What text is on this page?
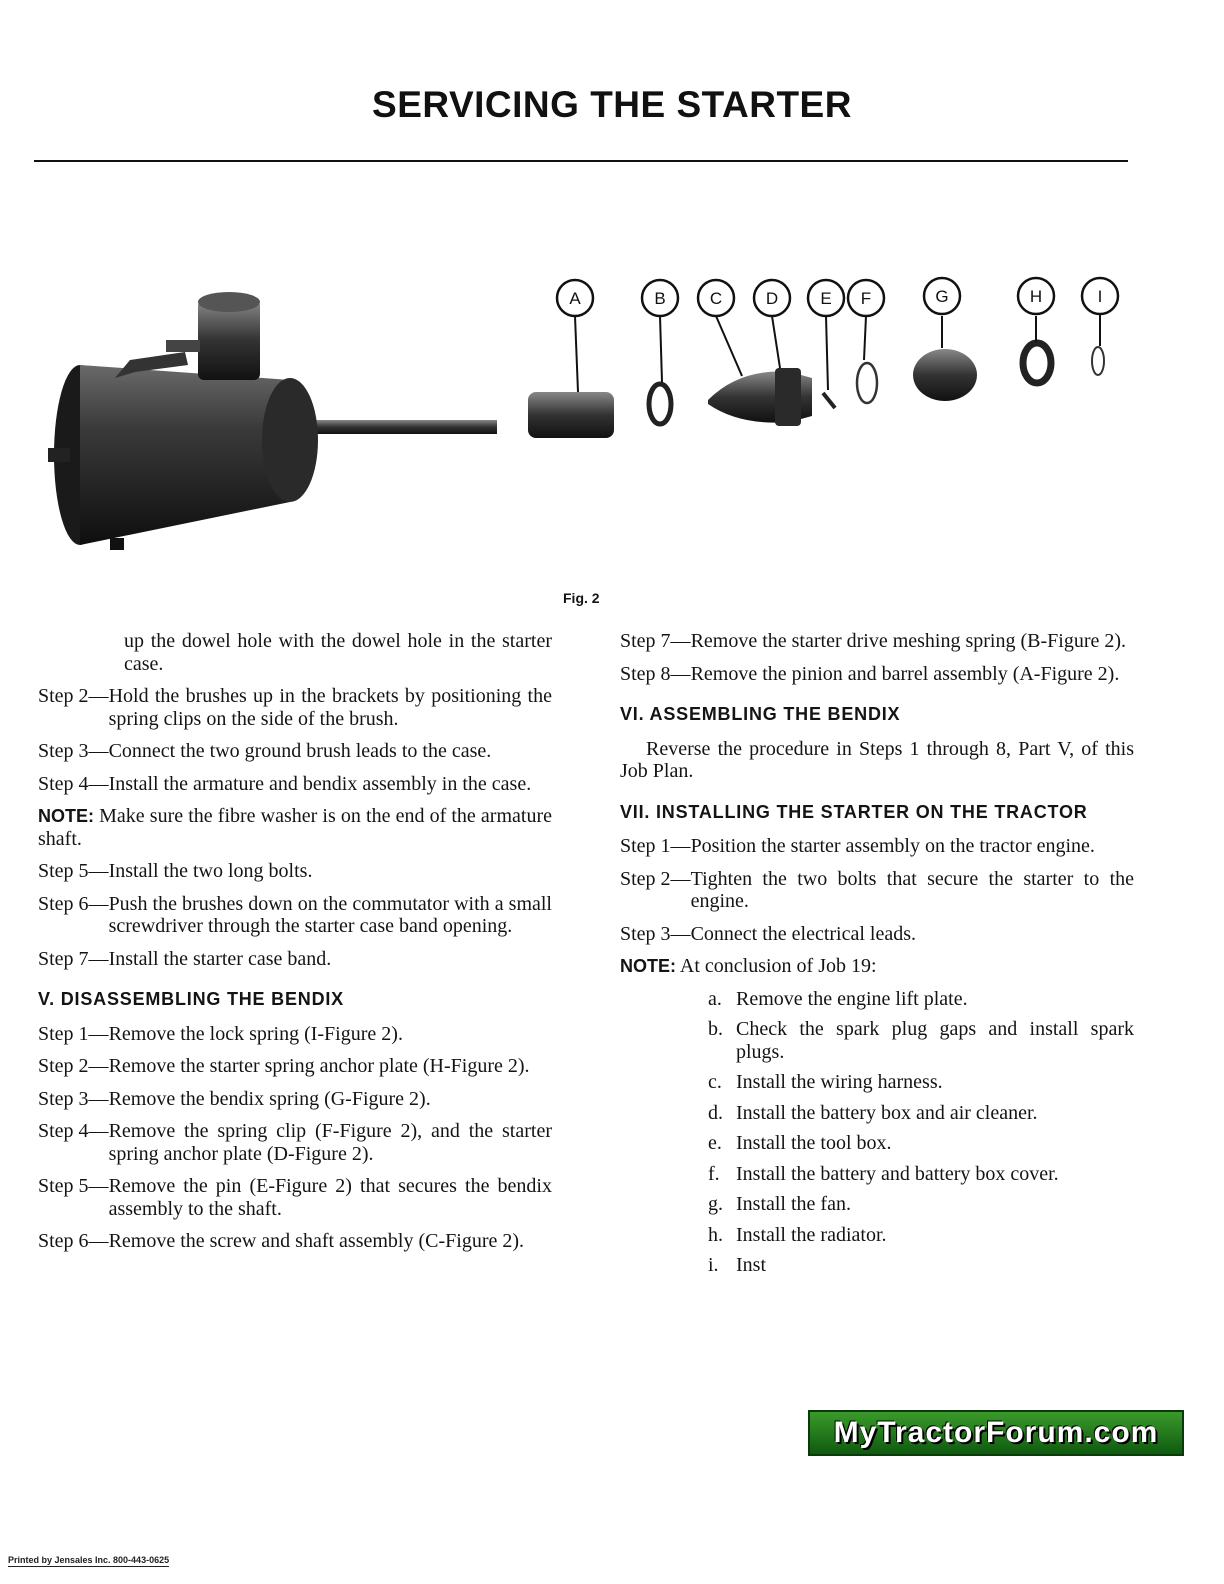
SERVICING THE STARTER
A	B	C	D E F	G	H	I
Fig. 2
up the dowel hole with the dowel hole in the starter case.
Step 2— Hold the brushes up in the brackets by positioning the spring clips on the side of the brush.
Step 3— Connect the two ground brush leads to the case.
Step 4— Install the armature and bendix assembly in the case.
NOTE: Make sure the fibre washer is on the end of the armature shaft.
Step 5— Install the two long bolts.
Step 6— Push the brushes down on the commutator with a small screwdriver through the starter case band opening.
Step 7— Install the starter case band.
V. DISASSEMBLING THE BENDIX
Step 1— Remove the lock spring (I-Figure 2).
Step 2— Remove the starter spring anchor plate (H-Figure 2).
Step 3— Remove the bendix spring (G-Figure 2).
Step 4— Remove the spring clip (F-Figure 2), and the starter spring anchor plate (D-Figure 2).
Step 5— Remove the pin (E-Figure 2) that secures the bendix assembly to the shaft.
Step 6— Remove the screw and shaft assembly (C-Figure 2).
Step 7— Remove the starter drive meshing spring (B-Figure 2).
Step 8— Remove the pinion and barrel assembly (A-Figure 2).
VI. ASSEMBLING THE BENDIX
Reverse the procedure in Steps 1 through 8, Part V, of this Job Plan.
VII. INSTALLING THE STARTER ON THE TRACTOR
Step 1— Position the starter assembly on the tractor engine.
Step 2— Tighten the two bolts that secure the starter to the engine.
Step 3— Connect the electrical leads.
NOTE: At conclusion of Job 19:
a. Remove the engine lift plate.
b. Check the spark plug gaps and install spark plugs.
c. Install the wiring harness.
d. Install the battery box and air cleaner.
e. Install the tool box.
f. Install the battery and battery box cover.
g. Install the fan.
h. Install the radiator.
i. Inst
MyTractorForum.com
Printed by Jensales Inc. 800-443-0625
